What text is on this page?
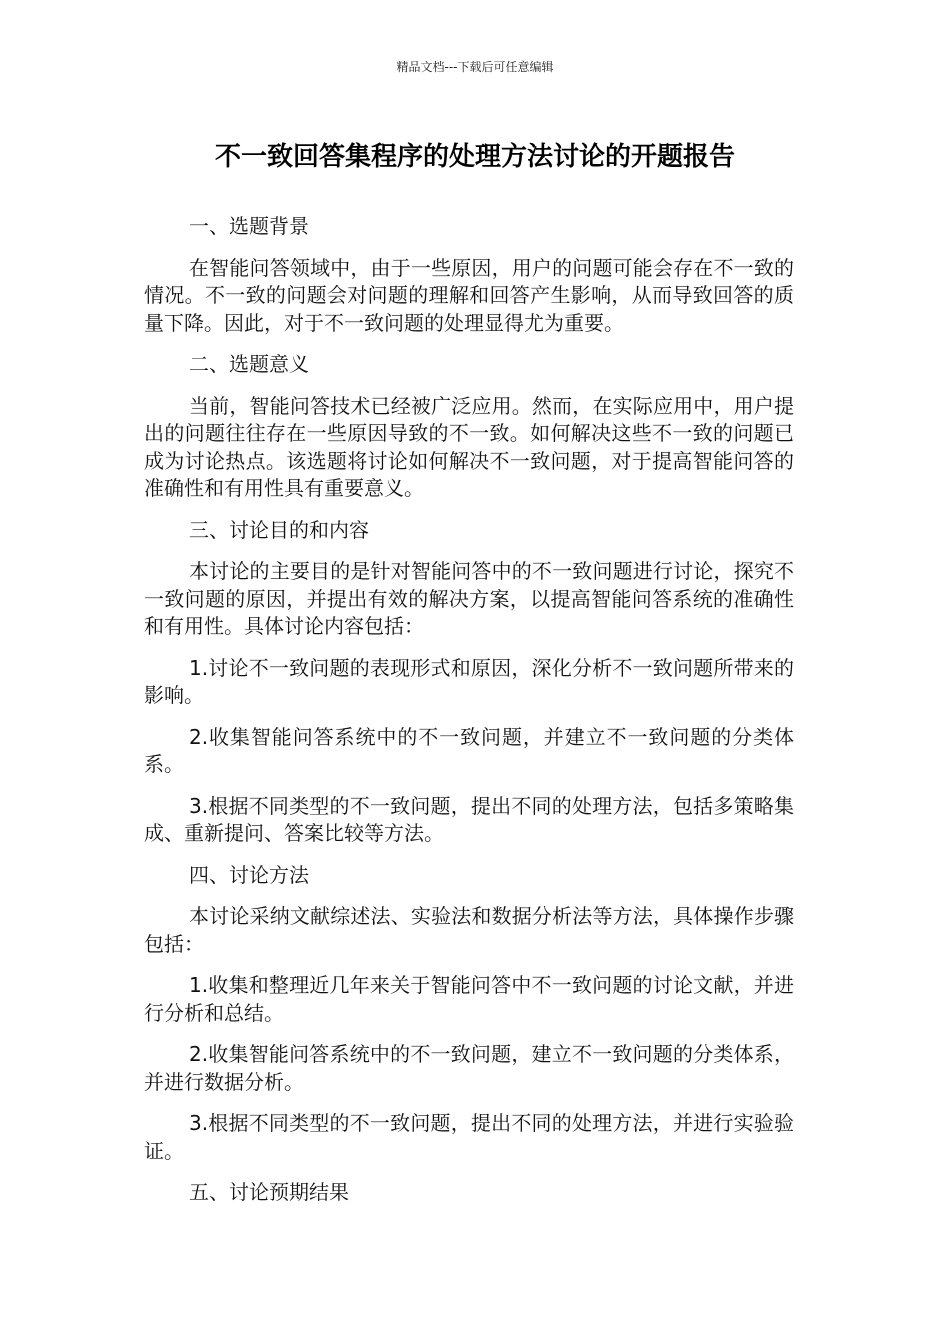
精品文档---下载后可任意编辑
不一致回答集程序的处理方法讨论的开题报告

一、选题背景

在智能问答领域中，由于一些原因，用户的问题可能会存在不一致的情况。不一致的问题会对问题的理解和回答产生影响，从而导致回答的质量下降。因此，对于不一致问题的处理显得尤为重要。

二、选题意义

当前，智能问答技术已经被广泛应用。然而，在实际应用中，用户提出的问题往往存在一些原因导致的不一致。如何解决这些不一致的问题已成为讨论热点。该选题将讨论如何解决不一致问题，对于提高智能问答的准确性和有用性具有重要意义。

三、讨论目的和内容

本讨论的主要目的是针对智能问答中的不一致问题进行讨论，探究不一致问题的原因，并提出有效的解决方案，以提高智能问答系统的准确性和有用性。具体讨论内容包括：

1.讨论不一致问题的表现形式和原因，深化分析不一致问题所带来的影响。

2.收集智能问答系统中的不一致问题，并建立不一致问题的分类体系。

3.根据不同类型的不一致问题，提出不同的处理方法，包括多策略集成、重新提问、答案比较等方法。

四、讨论方法

本讨论采纳文献综述法、实验法和数据分析法等方法，具体操作步骤包括：

1.收集和整理近几年来关于智能问答中不一致问题的讨论文献，并进行分析和总结。

2.收集智能问答系统中的不一致问题，建立不一致问题的分类体系，并进行数据分析。

3.根据不同类型的不一致问题，提出不同的处理方法，并进行实验验证。

五、讨论预期结果
